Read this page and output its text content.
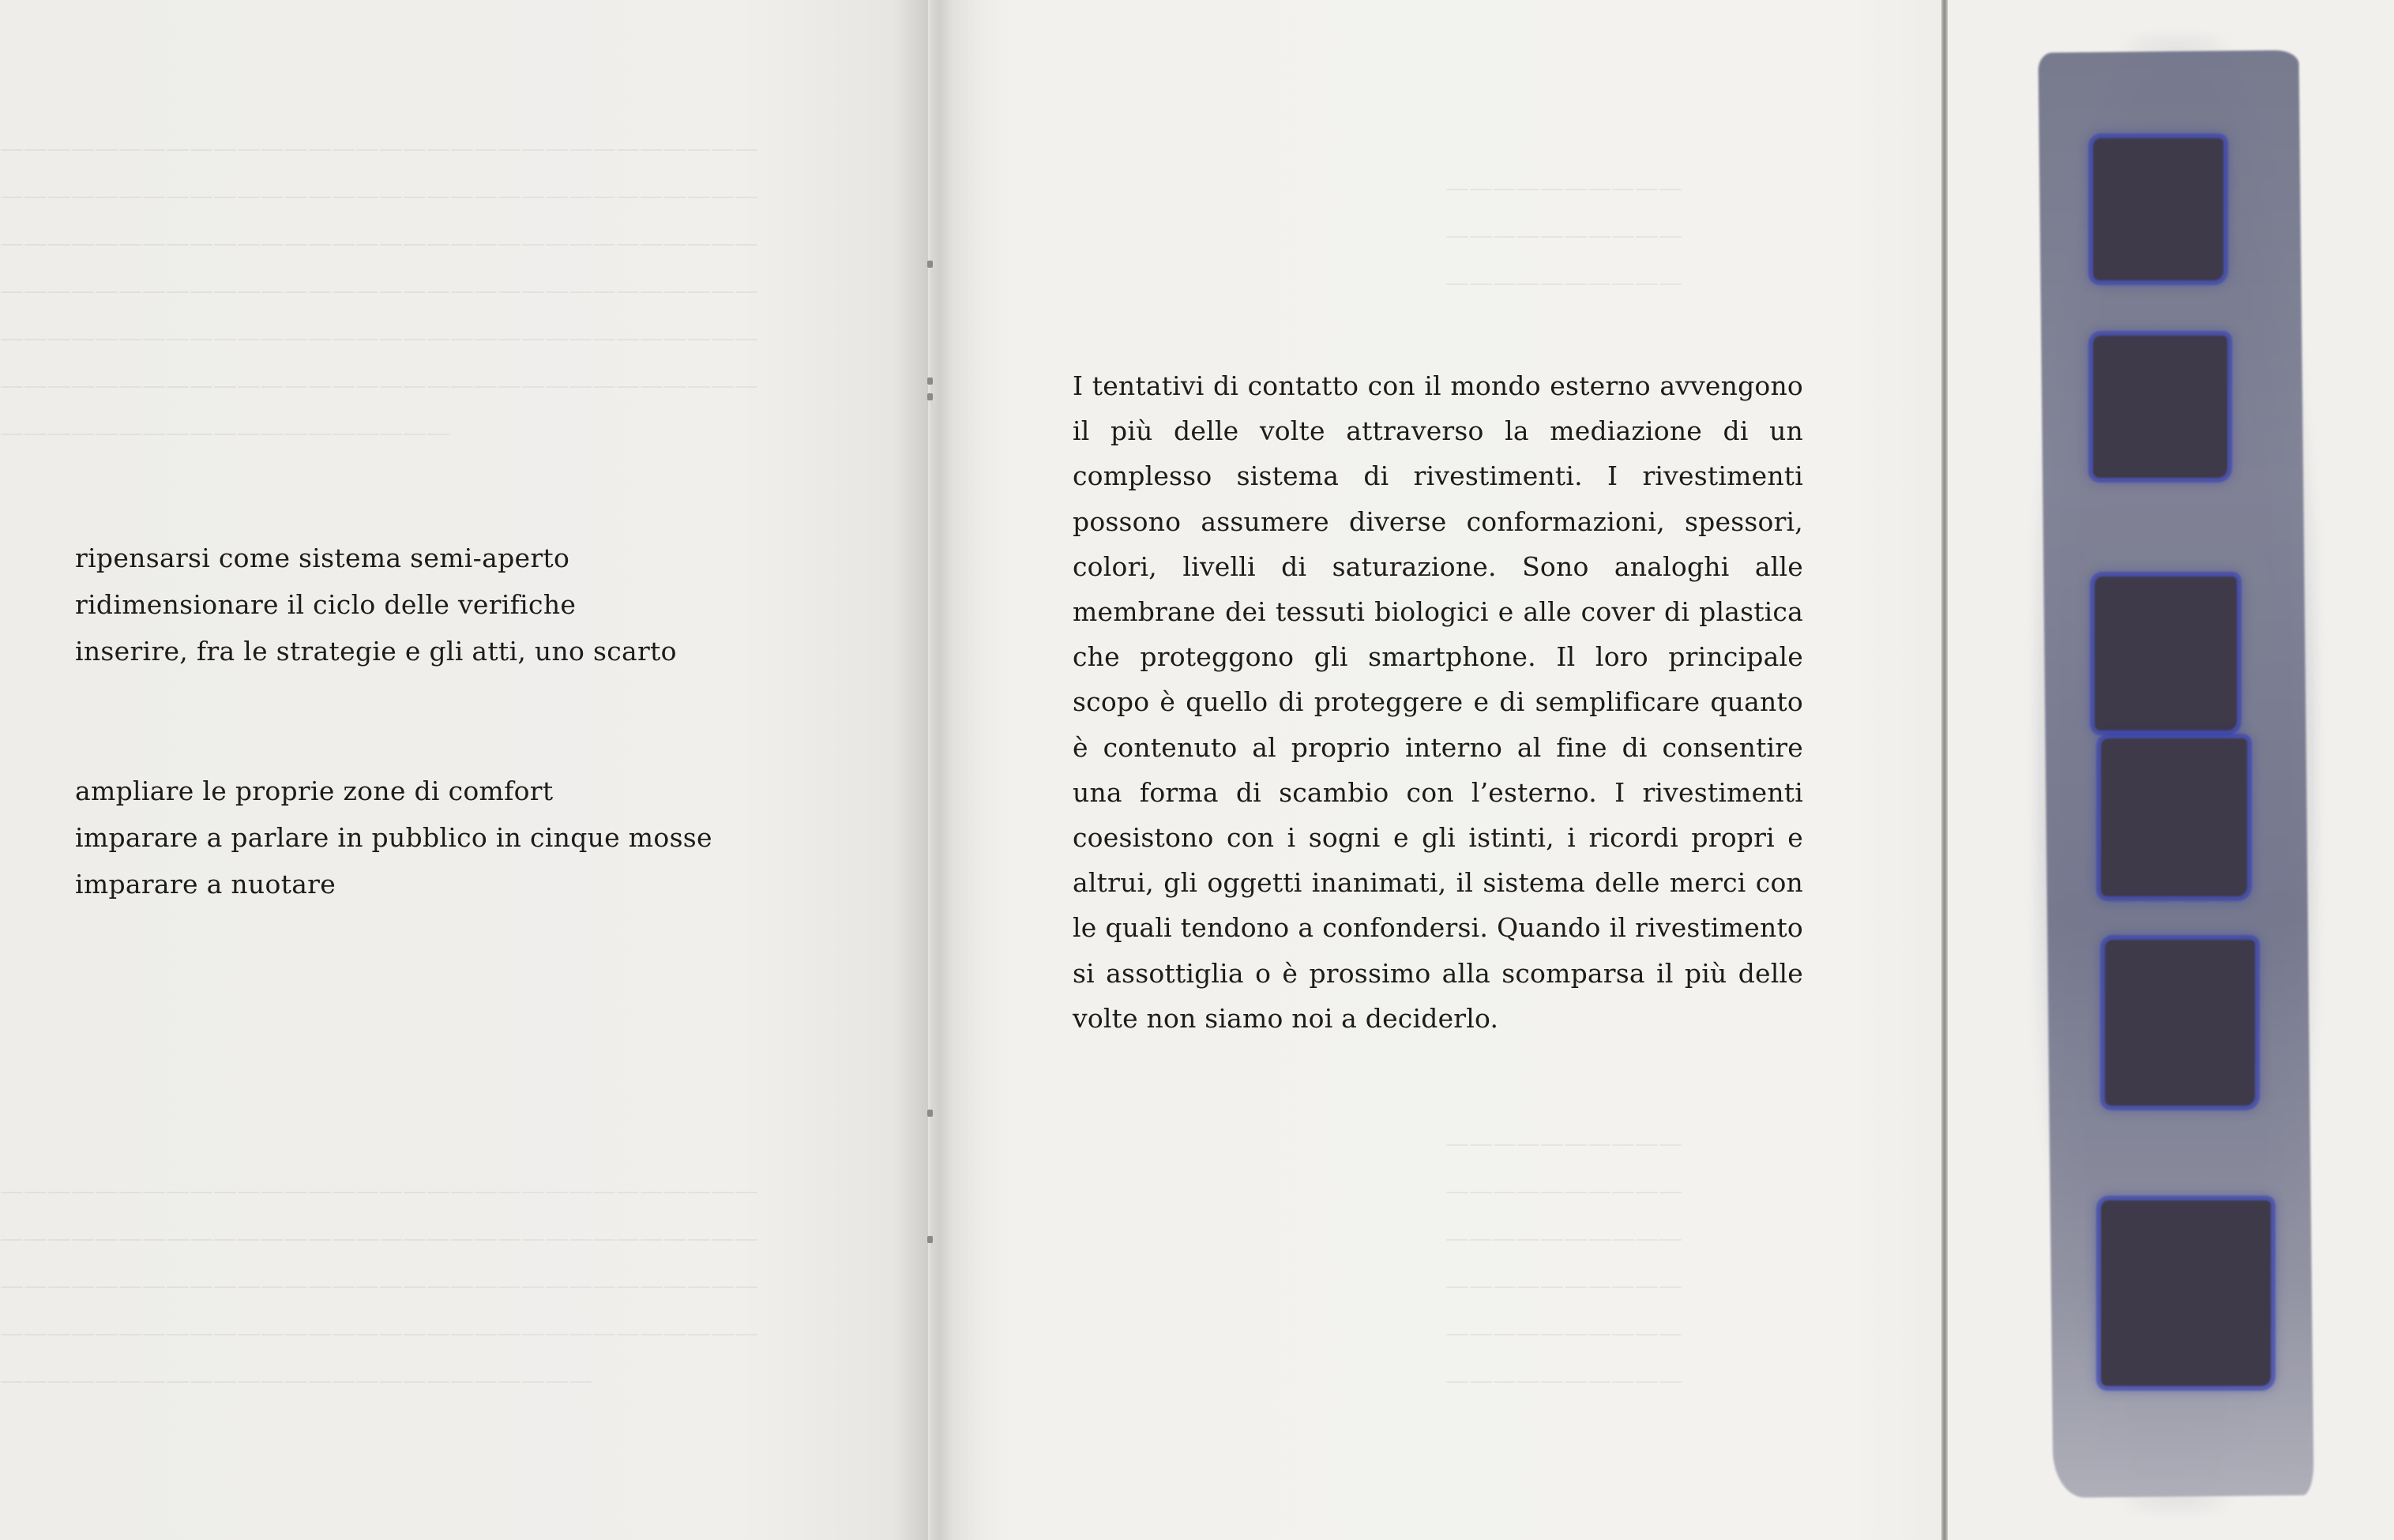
————————————————————————————————
————————————————————————————————
————————————————————————————————
————————————————————————————————
————————————————————————————————
————————————————————————————————
———————————————————
————————————————————————————————
————————————————————————————————
————————————————————————————————
————————————————————————————————
—————————————————————————
ripensarsi come sistema semi-aperto
ridimensionare il ciclo delle verifiche
inserire, fra le strategie e gli atti, uno scarto
ampliare le proprie zone di comfort
imparare a parlare in pubblico in cinque mosse
imparare a nuotare
——————————
——————————
——————————
——————————
——————————
——————————
——————————
——————————
——————————
I tentativi di contatto con il mondo esterno avvengono il più delle volte attraverso la mediazione di un complesso sistema di rivestimenti. I rivestimenti possono assumere diverse conformazioni, spessori, colori, livelli di saturazione. Sono analoghi alle membrane dei tessuti biologici e alle cover di plastica che proteggono gli smartphone. Il loro principale scopo è quello di proteggere e di semplificare quanto è contenuto al proprio interno al fine di consentire una forma di scambio con l’esterno. I rivestimenti coesistono con i sogni e gli istinti, i ricordi propri e altrui, gli oggetti inanimati, il sistema delle merci con le quali tendono a confondersi. Quando il rivestimento si assottiglia o è prossimo alla scomparsa il più delle volte non siamo noi a deciderlo.
